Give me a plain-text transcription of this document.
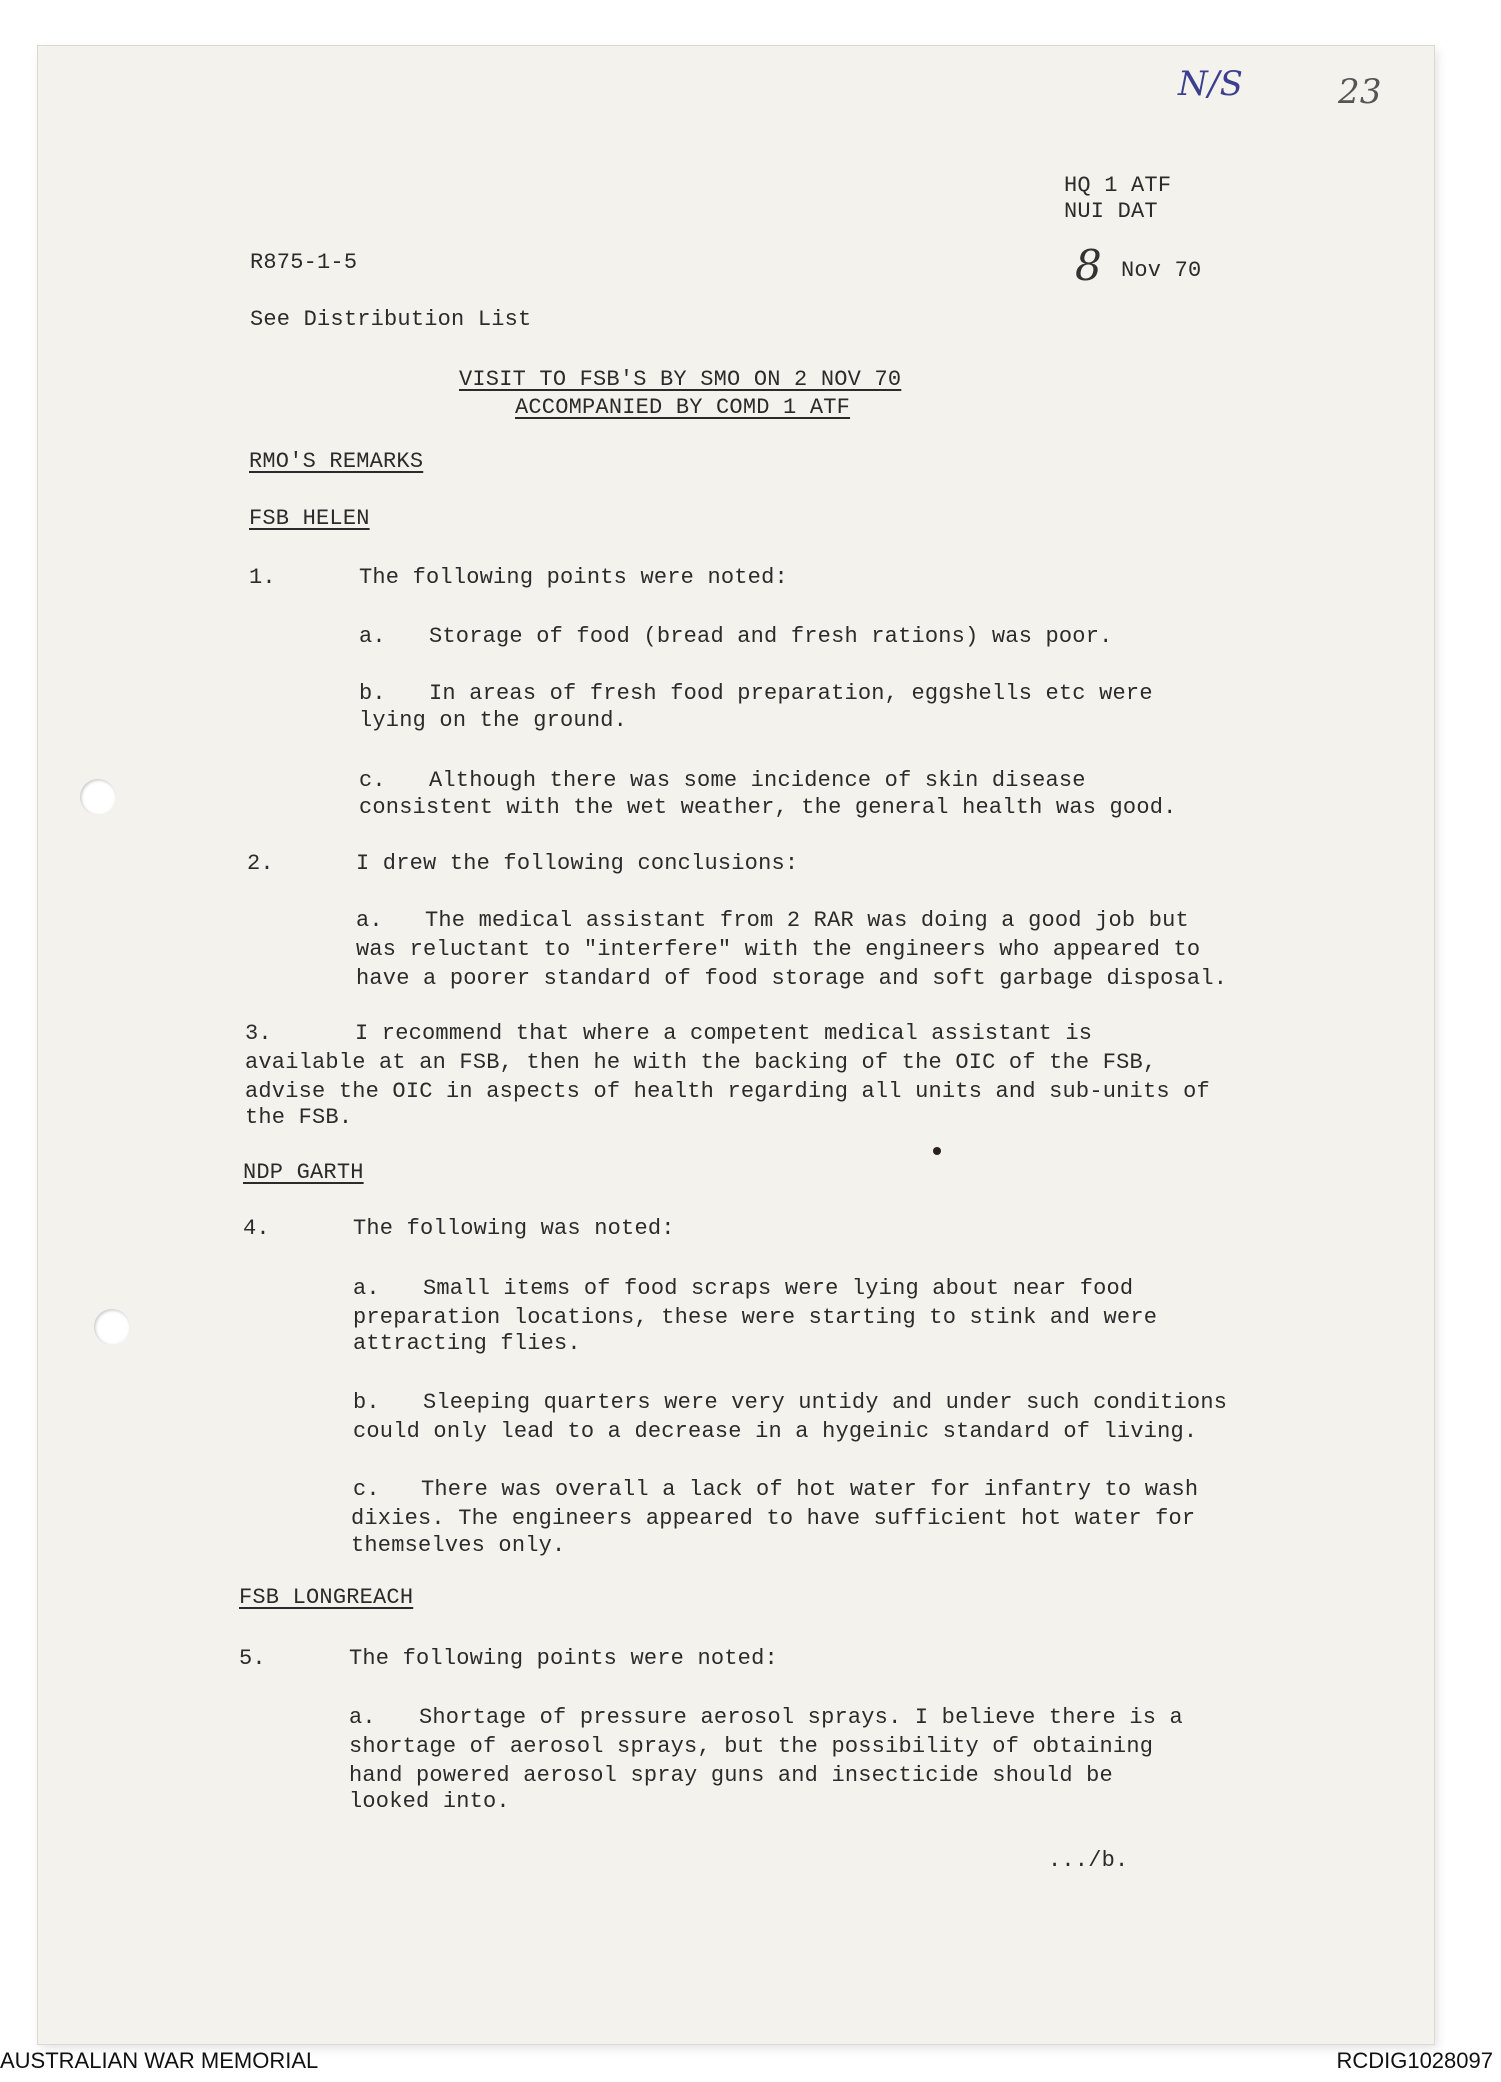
N/S	23
HQ 1 ATF
NUI DAT
R875-1-5	8 Nov 70
See Distribution List
VISIT TO FSB'S BY SMO ON 2 NOV 70
ACCOMPANIED BY COMD 1 ATF
RMO'S REMARKS
FSB HELEN
1.	The following points were noted:
a. Storage of food (bread and fresh rations) was poor.
b. In areas of fresh food preparation, eggshells etc were
lying on the ground.
c. Although there was some incidence of skin disease
consistent with the wet weather, the general health was good.
2.	I drew the following conclusions:
a. The medical assistant from 2 RAR was doing a good job but
was reluctant to "interfere" with the engineers who appeared to
have a poorer standard of food storage and soft garbage disposal.
3.	I recommend that where a competent medical assistant is
available at an FSB, then he with the backing of the OIC of the FSB,
advise the OIC in aspects of health regarding all units and sub-units of
the FSB.
NDP GARTH
4.	The following was noted:
a. Small items of food scraps were lying about near food
preparation locations, these were starting to stink and were
attracting flies.
b. Sleeping quarters were very untidy and under such conditions
could only lead to a decrease in a hygeinic standard of living.
c. There was overall a lack of hot water for infantry to wash
dixies. The engineers appeared to have sufficient hot water for
themselves only.
FSB LONGREACH
5.	The following points were noted:
a. Shortage of pressure aerosol sprays. I believe there is a
shortage of aerosol sprays, but the possibility of obtaining
hand powered aerosol spray guns and insecticide should be
looked into.
.../b.
AUSTRALIAN WAR MEMORIAL	RCDIG1028097
